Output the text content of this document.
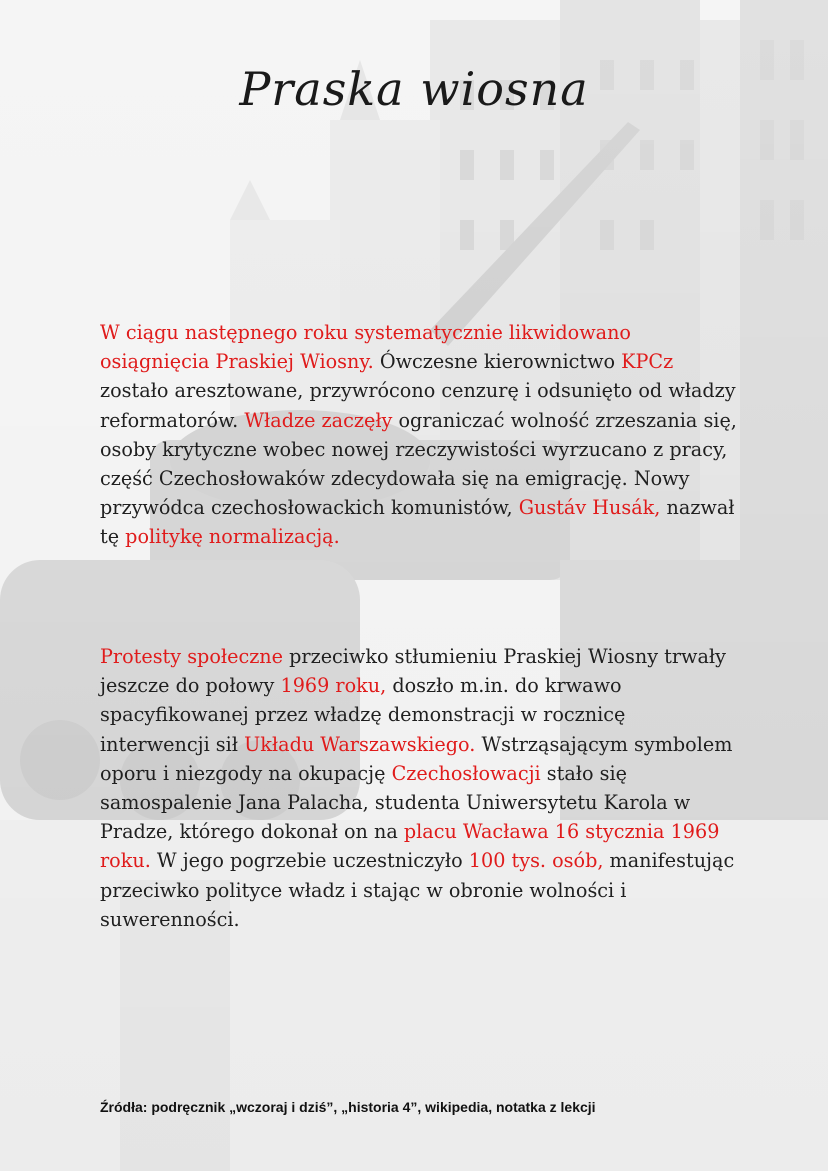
Praska wiosna

W ciągu następnego roku systematycznie likwidowano osiągnięcia Praskiej Wiosny. Ówczesne kierownictwo KPCz zostało aresztowane, przywrócono cenzurę i odsunięto od władzy reformatorów. Władze zaczęły ograniczać wolność zrzeszania się, osoby krytyczne wobec nowej rzeczywistości wyrzucano z pracy, część Czechosłowaków zdecydowała się na emigrację. Nowy przywódca czechosłowackich komunistów, Gustáv Husák, nazwał tę politykę normalizacją.

Protesty społeczne przeciwko stłumieniu Praskiej Wiosny trwały jeszcze do połowy 1969 roku, doszło m.in. do krwawo spacyfikowanej przez władzę demonstracji w rocznicę interwencji sił Układu Warszawskiego. Wstrząsającym symbolem oporu i niezgody na okupację Czechosłowacji stało się samospalenie Jana Palacha, studenta Uniwersytetu Karola w Pradze, którego dokonał on na placu Wacława 16 stycznia 1969 roku. W jego pogrzebie uczestniczyło 100 tys. osób, manifestując przeciwko polityce władz i stając w obronie wolności i suwerenności.

Źródła: podręcznik „wczoraj i dziś”, „historia 4”, wikipedia, notatka z lekcji
